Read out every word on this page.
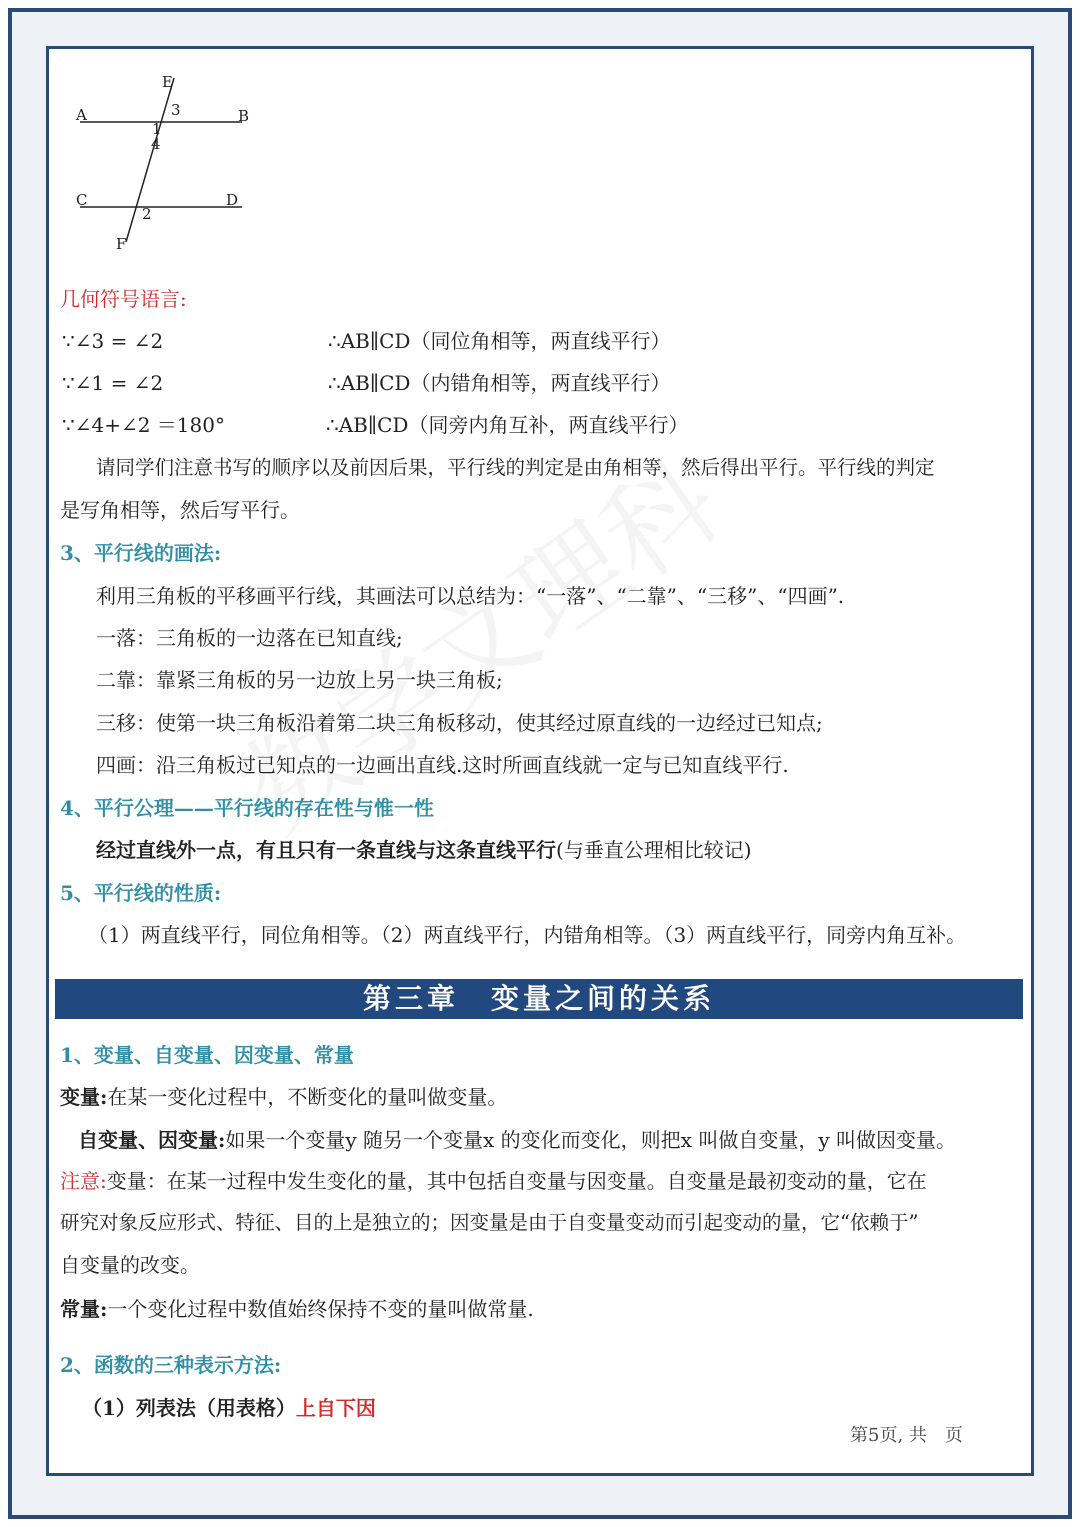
E
A	B
C	D
F
3
1
4
2
几何符号语言:
∵∠3 = ∠2	∴AB∥CD（同位角相等，两直线平行）
∵∠1 = ∠2	∴AB∥CD（内错角相等，两直线平行）
∵∠4+∠2 ＝180°	∴AB∥CD（同旁内角互补，两直线平行）
请同学们注意书写的顺序以及前因后果，平行线的判定是由角相等，然后得出平行。平行线的判定
是写角相等，然后写平行。
3、平行线的画法:
利用三角板的平移画平行线，其画法可以总结为：“一落”、“二靠”、“三移”、“四画”.
一落：三角板的一边落在已知直线;
二靠：靠紧三角板的另一边放上另一块三角板;
三移：使第一块三角板沿着第二块三角板移动，使其经过原直线的一边经过已知点;
四画：沿三角板过已知点的一边画出直线.这时所画直线就一定与已知直线平行.
4、平行公理——平行线的存在性与惟一性
经过直线外一点，有且只有一条直线与这条直线平行(与垂直公理相比较记)
5、平行线的性质:
（1）两直线平行，同位角相等。（2）两直线平行，内错角相等。（3）两直线平行，同旁内角互补。
第三章　变量之间的关系
1、变量、自变量、因变量、常量
变量:在某一变化过程中，不断变化的量叫做变量。
自变量、因变量:如果一个变量y 随另一个变量x 的变化而变化，则把x 叫做自变量，y 叫做因变量。
注意:变量：在某一过程中发生变化的量，其中包括自变量与因变量。自变量是最初变动的量，它在
研究对象反应形式、特征、目的上是独立的；因变量是由于自变量变动而引起变动的量，它“依赖于”
自变量的改变。
常量:一个变化过程中数值始终保持不变的量叫做常量.
2、函数的三种表示方法:
（1）列表法（用表格）上自下因
第5页, 共　页
